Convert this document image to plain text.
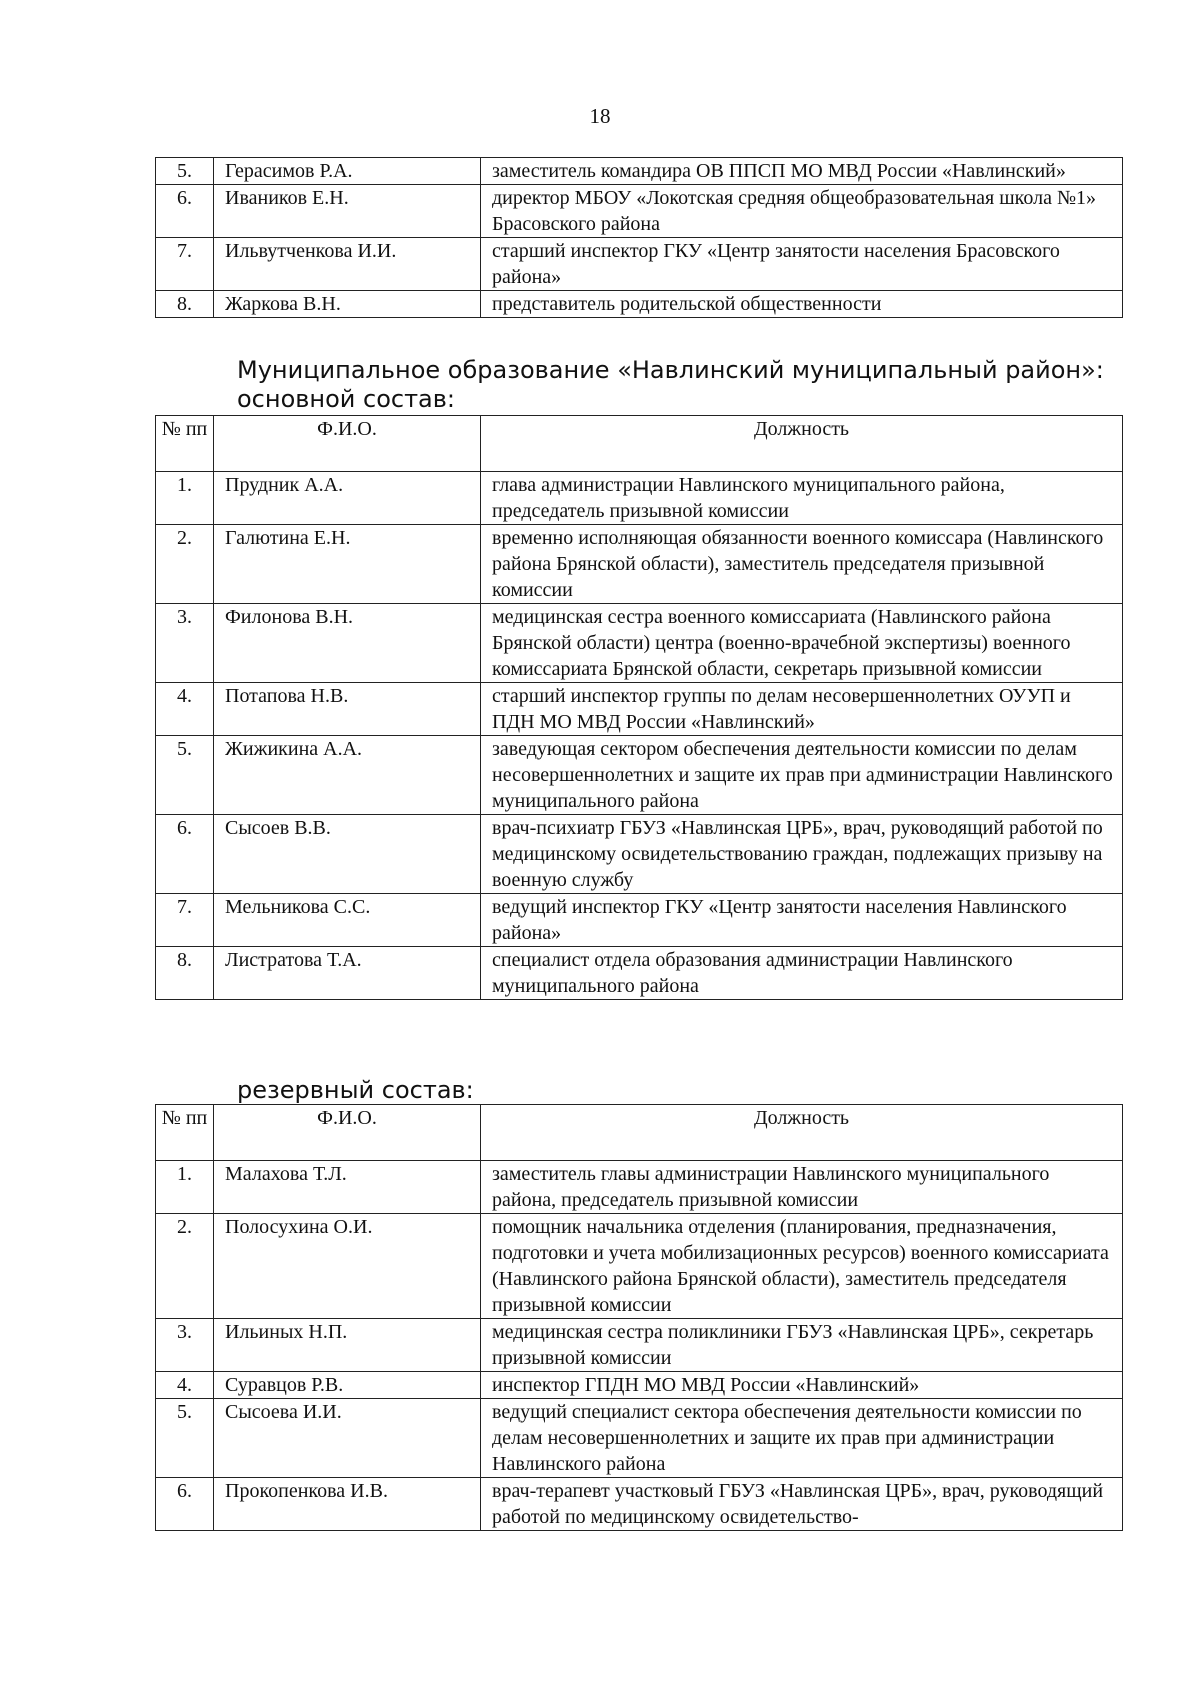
18
5.	Герасимов Р.А.	заместитель командира ОВ ППСП МО МВД России «Навлинский»
6.	Иваников Е.Н.	директор МБОУ «Локотская средняя общеобразовательная школа №1» Брасовского района
7.	Ильвутченкова И.И.	старший инспектор ГКУ «Центр занятости населения Брасовского района»
8.	Жаркова В.Н.	представитель родительской общественности
Муниципальное образование «Навлинский муниципальный район»:
основной состав:
№ пп	Ф.И.О.	Должность
1.	Прудник А.А.	глава администрации Навлинского муниципального района, председатель призывной комиссии
2.	Галютина Е.Н.	временно исполняющая обязанности военного комиссара (Навлинского района Брянской области), заместитель председателя призывной комиссии
3.	Филонова В.Н.	медицинская сестра военного комиссариата (Навлинского района Брянской области) центра (военно-врачебной экспертизы) военного комиссариата Брянской области, секретарь призывной комиссии
4.	Потапова Н.В.	старший инспектор группы по делам несовершеннолетних ОУУП и ПДН МО МВД России «Навлинский»
5.	Жижикина А.А.	заведующая сектором обеспечения деятельности комиссии по делам несовершеннолетних и защите их прав при администрации Навлинского муниципального района
6.	Сысоев В.В.	врач-психиатр ГБУЗ «Навлинская ЦРБ», врач, руководящий работой по медицинскому освидетельствованию граждан, подлежащих призыву на военную службу
7.	Мельникова С.С.	ведущий инспектор ГКУ «Центр занятости населения Навлинского района»
8.	Листратова Т.А.	специалист отдела образования администрации Навлинского муниципального района
резервный состав:
№ пп	Ф.И.О.	Должность
1.	Малахова Т.Л.	заместитель главы администрации Навлинского муниципального района, председатель призывной комиссии
2.	Полосухина О.И.	помощник начальника отделения (планирования, предназначения, подготовки и учета мобилизационных ресурсов) военного комиссариата (Навлинского района Брянской области), заместитель председателя призывной комиссии
3.	Ильиных Н.П.	медицинская сестра поликлиники ГБУЗ «Навлинская ЦРБ», секретарь призывной комиссии
4.	Суравцов Р.В.	инспектор ГПДН МО МВД России «Навлинский»
5.	Сысоева И.И.	ведущий специалист сектора обеспечения деятельности комиссии по делам несовершеннолетних и защите их прав при администрации Навлинского района
6.	Прокопенкова И.В.	врач-терапевт участковый ГБУЗ «Навлинская ЦРБ», врач, руководящий работой по медицинскому освидетельство-
